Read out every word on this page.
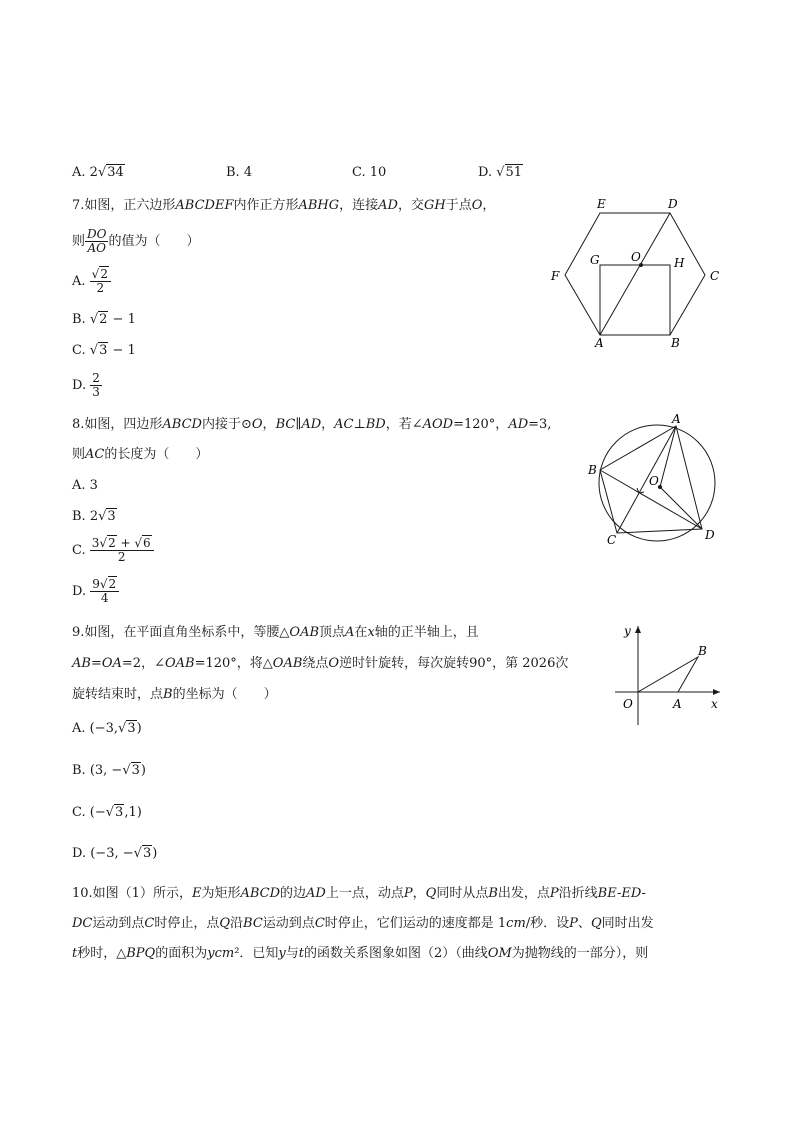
A. 2√34	B. 4	C. 10	D. √51
7.如图，正六边形ABCDEF内作正方形ABHG，连接AD，交GH于点O，
则 $\frac{DO}{AO}$ 的值为（　　）
A. $\frac{√2}{2}$
B. √2 − 1
C. √3 − 1
D. $\frac{2}{3}$
E	D
F	C
G	O	H
A	B
8.如图，四边形ABCD内接于⊙O，BC∥AD，AC⊥BD，若∠AOD=120°，AD=3,
则AC的长度为（　　）
A. 3
B. 2√3
C. $\frac{3√2 + √6}{2}$
D. $\frac{9√2}{4}$
A
B
C	D
O
9.如图，在平面直角坐标系中，等腰△OAB顶点A在x轴的正半轴上，且
AB=OA=2，∠OAB=120°，将△OAB绕点O逆时针旋转，每次旋转90°，第 2026次
旋转结束时，点B的坐标为（　　）
A. (−3,√3)
B. (3, −√3)
C. (−√3,1)
D. (−3, −√3)
y
B
O	A x
10.如图（1）所示，E为矩形ABCD的边AD上一点，动点P，Q同时从点B出发，点P沿折线BE-ED-
DC运动到点C时停止，点Q沿BC运动到点C时停止，它们运动的速度都是 1cm/秒．设P、Q同时出发
t秒时，△BPQ的面积为ycm²．已知y与t的函数关系图象如图（2）（曲线OM为抛物线的一部分），则
